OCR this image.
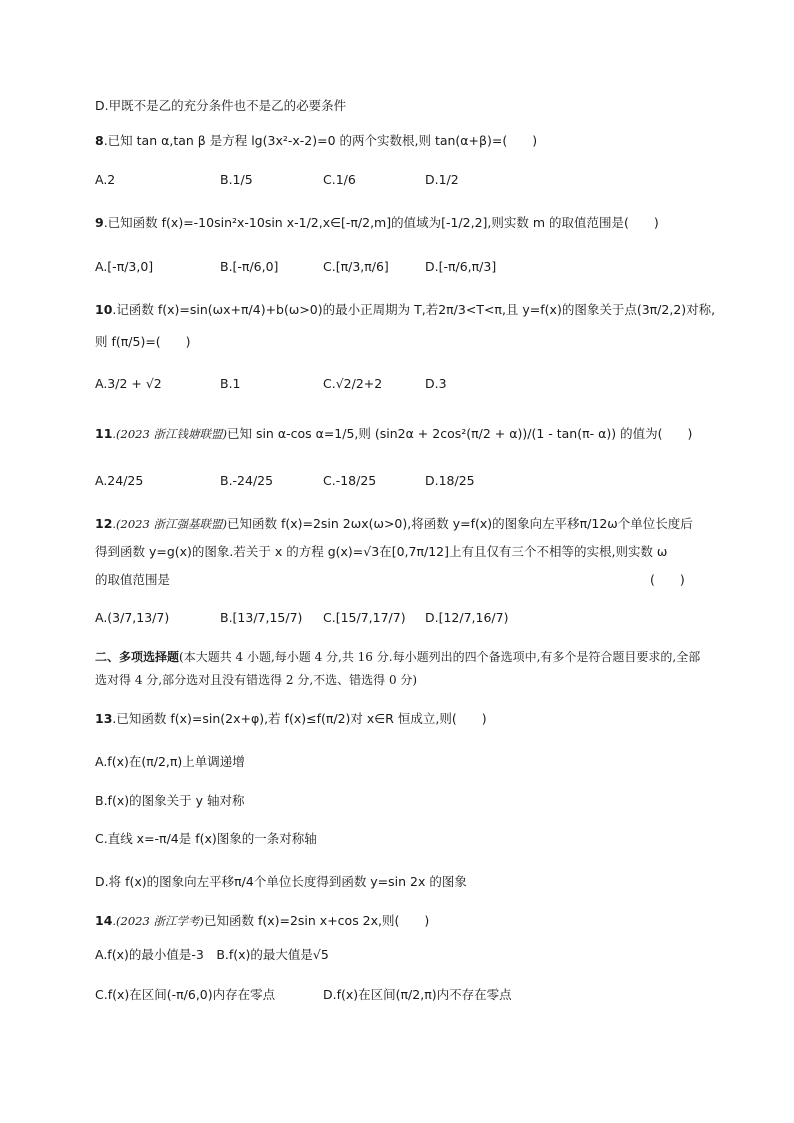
D.甲既不是乙的充分条件也不是乙的必要条件
8.已知 tan α,tan β 是方程 lg(3x²-x-2)=0 的两个实数根,则 tan(α+β)=(　　)
A.2	B.1/5	C.1/6	D.1/2
9.已知函数 f(x)=-10sin²x-10sin x-1/2,x∈[-π/2,m]的值域为[-1/2,2],则实数 m 的取值范围是(　　)
A.[-π/3,0]	B.[-π/6,0]	C.[π/3,π/6]	D.[-π/6,π/3]
10.记函数 f(x)=sin(ωx+π/4)+b(ω>0)的最小正周期为 T,若2π/3<T<π,且 y=f(x)的图象关于点(3π/2,2)对称,
则 f(π/5)=(　　)
A.3/2 + √2	B.1	C.√2/2+2	D.3
11.(2023 浙江钱塘联盟)已知 sin α-cos α=1/5,则 (sin2α + 2cos²(π/2 + α))/(1 - tan(π- α)) 的值为(　　)
A.24/25	B.-24/25	C.-18/25	D.18/25
12.(2023 浙江强基联盟)已知函数 f(x)=2sin 2ωx(ω>0),将函数 y=f(x)的图象向左平移π/12ω个单位长度后
得到函数 y=g(x)的图象.若关于 x 的方程 g(x)=√3在[0,7π/12]上有且仅有三个不相等的实根,则实数 ω
的取值范围是	(　　)
A.(3/7,13/7)	B.[13/7,15/7) C.[15/7,17/7) D.[12/7,16/7)
二、多项选择题(本大题共 4 小题,每小题 4 分,共 16 分.每小题列出的四个备选项中,有多个是符合题目要求的,全部选对得 4 分,部分选对且没有错选得 2 分,不选、错选得 0 分)
13.已知函数 f(x)=sin(2x+φ),若 f(x)≤f(π/2)对 x∈R 恒成立,则(　　)
A.f(x)在(π/2,π)上单调递增
B.f(x)的图象关于 y 轴对称
C.直线 x=-π/4是 f(x)图象的一条对称轴
D.将 f(x)的图象向左平移π/4个单位长度得到函数 y=sin 2x 的图象
14.(2023 浙江学考)已知函数 f(x)=2sin x+cos 2x,则(　　)
A.f(x)的最小值是-3　B.f(x)的最大值是√5
C.f(x)在区间(-π/6,0)内存在零点	D.f(x)在区间(π/2,π)内不存在零点
